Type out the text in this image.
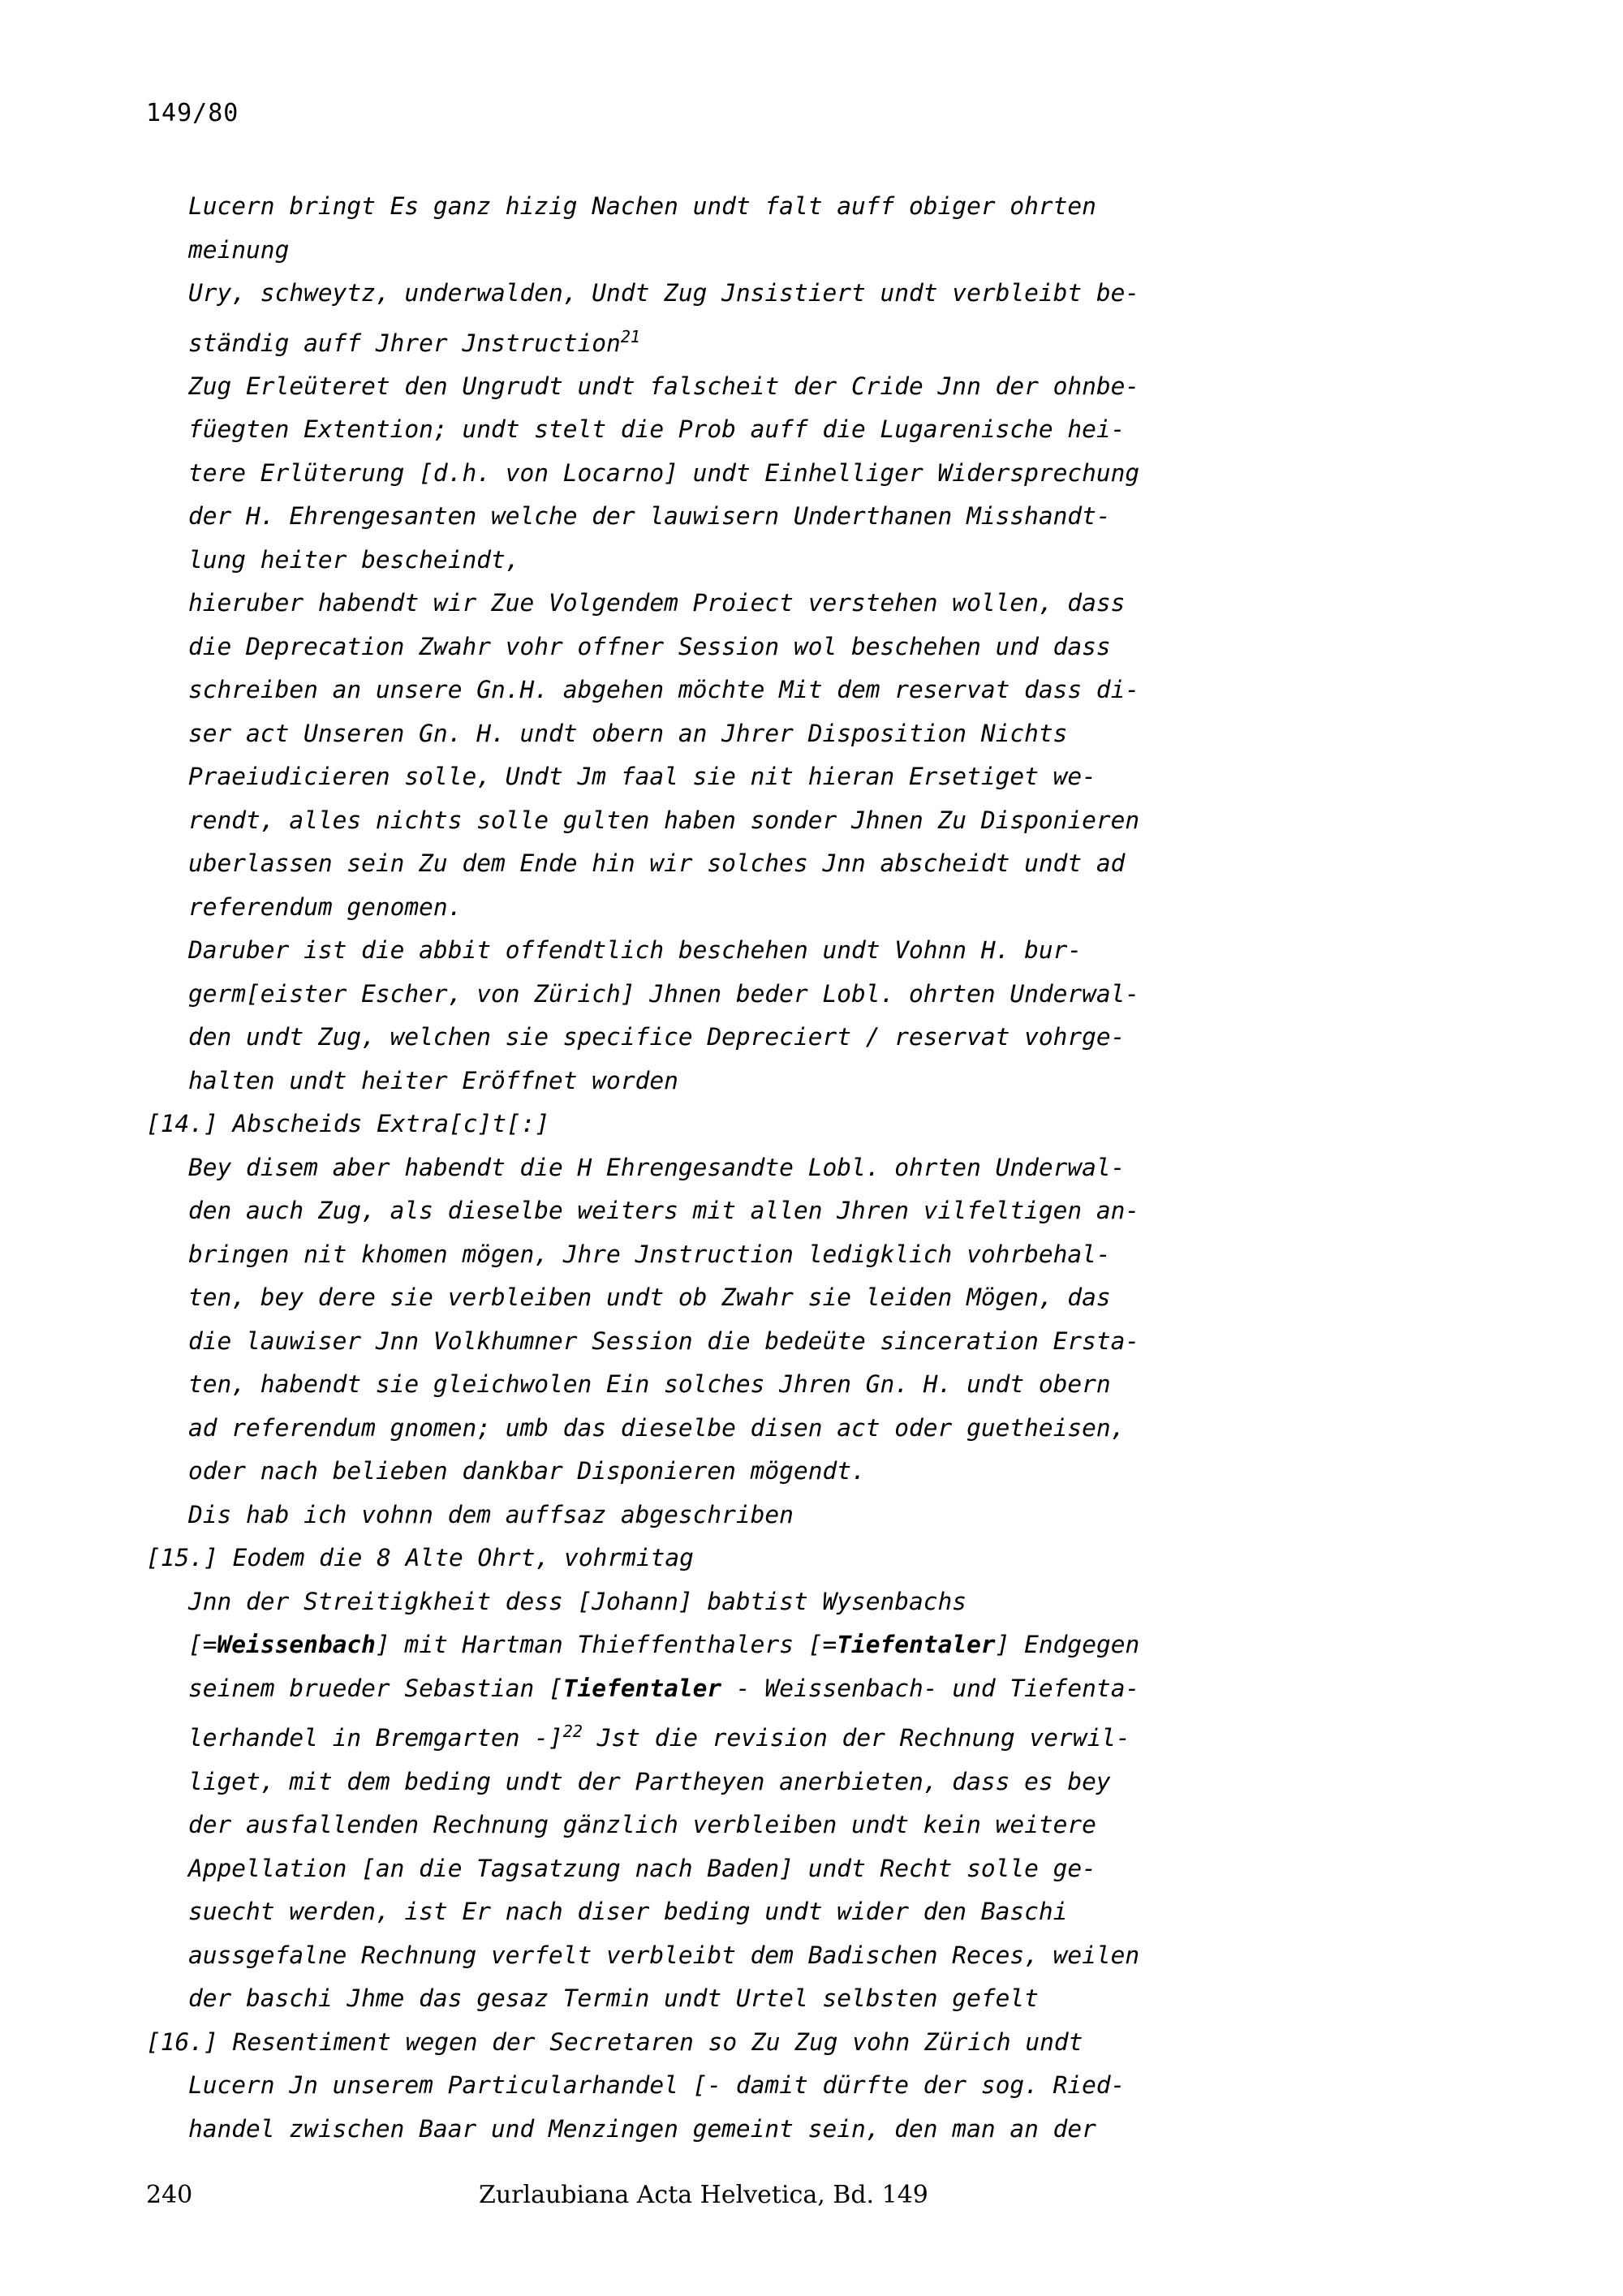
149/80

Lucern bringt Es ganz hizig Nachen undt falt auff obiger ohrten
meinung

Ury, schweytz, underwalden, Undt Zug Jnsistiert undt verbleibt be-
ständig auff Jhrer Jnstruction$^{21}$

Zug Erleüteret den Ungrudt undt falscheit der Cride Jnn der ohnbe-
füegten Extention; undt stelt die Prob auff die Lugarenische hei-
tere Erlüterung [d.h. von Locarno] undt Einhelliger Widersprechung
der H. Ehrengesanten welche der lauwisern Underthanen Misshandt-
lung heiter bescheindt,

hieruber habendt wir Zue Volgendem Proiect verstehen wollen, dass
die Deprecation Zwahr vohr offner Session wol beschehen und dass
schreiben an unsere Gn.H. abgehen möchte Mit dem reservat dass di-
ser act Unseren Gn. H. undt obern an Jhrer Disposition Nichts
Praeiudicieren solle, Undt Jm faal sie nit hieran Ersetiget we-
rendt, alles nichts solle gulten haben sonder Jhnen Zu Disponieren
uberlassen sein Zu dem Ende hin wir solches Jnn abscheidt undt ad
referendum genomen.

Daruber ist die abbit offendtlich beschehen undt Vohnn H. bur-
germ[eister Escher, von Zürich] Jhnen beder Lobl. ohrten Underwal-
den undt Zug, welchen sie specifice Depreciert / reservat vohrge-
halten undt heiter Eröffnet worden

[14.] Abscheids Extra[c]t[:]
Bey disem aber habendt die H Ehrengesandte Lobl. ohrten Underwal-
den auch Zug, als dieselbe weiters mit allen Jhren vilfeltigen an-
bringen nit khomen mögen, Jhre Jnstruction ledigklich vohrbehal-
ten, bey dere sie verbleiben undt ob Zwahr sie leiden Mögen, das
die lauwiser Jnn Volkhumner Session die bedeüte sinceration Ersta-
ten, habendt sie gleichwolen Ein solches Jhren Gn. H. undt obern
ad referendum gnomen; umb das dieselbe disen act oder guetheisen,
oder nach belieben dankbar Disponieren mögendt.
Dis hab ich vohnn dem auffsaz abgeschriben

[15.] Eodem die 8 Alte Ohrt, vohrmitag
Jnn der Streitigkheit dess [Johann] babtist Wysenbachs
[=Weissenbach] mit Hartman Thieffenthalers [=Tiefentaler] Endgegen
seinem brueder Sebastian [Tiefentaler - Weissenbach- und Tiefenta-
lerhandel in Bremgarten -]$^{22}$ Jst die revision der Rechnung verwil-
liget, mit dem beding undt der Partheyen anerbieten, dass es bey
der ausfallenden Rechnung gänzlich verbleiben undt kein weitere
Appellation [an die Tagsatzung nach Baden] undt Recht solle ge-
suecht werden, ist Er nach diser beding undt wider den Baschi
aussgefalne Rechnung verfelt verbleibt dem Badischen Reces, weilen
der baschi Jhme das gesaz Termin undt Urtel selbsten gefelt

[16.] Resentiment wegen der Secretaren so Zu Zug vohn Zürich undt
Lucern Jn unserem Particularhandel [- damit dürfte der sog. Ried-
handel zwischen Baar und Menzingen gemeint sein, den man an der

240	Zurlaubiana Acta Helvetica, Bd. 149
